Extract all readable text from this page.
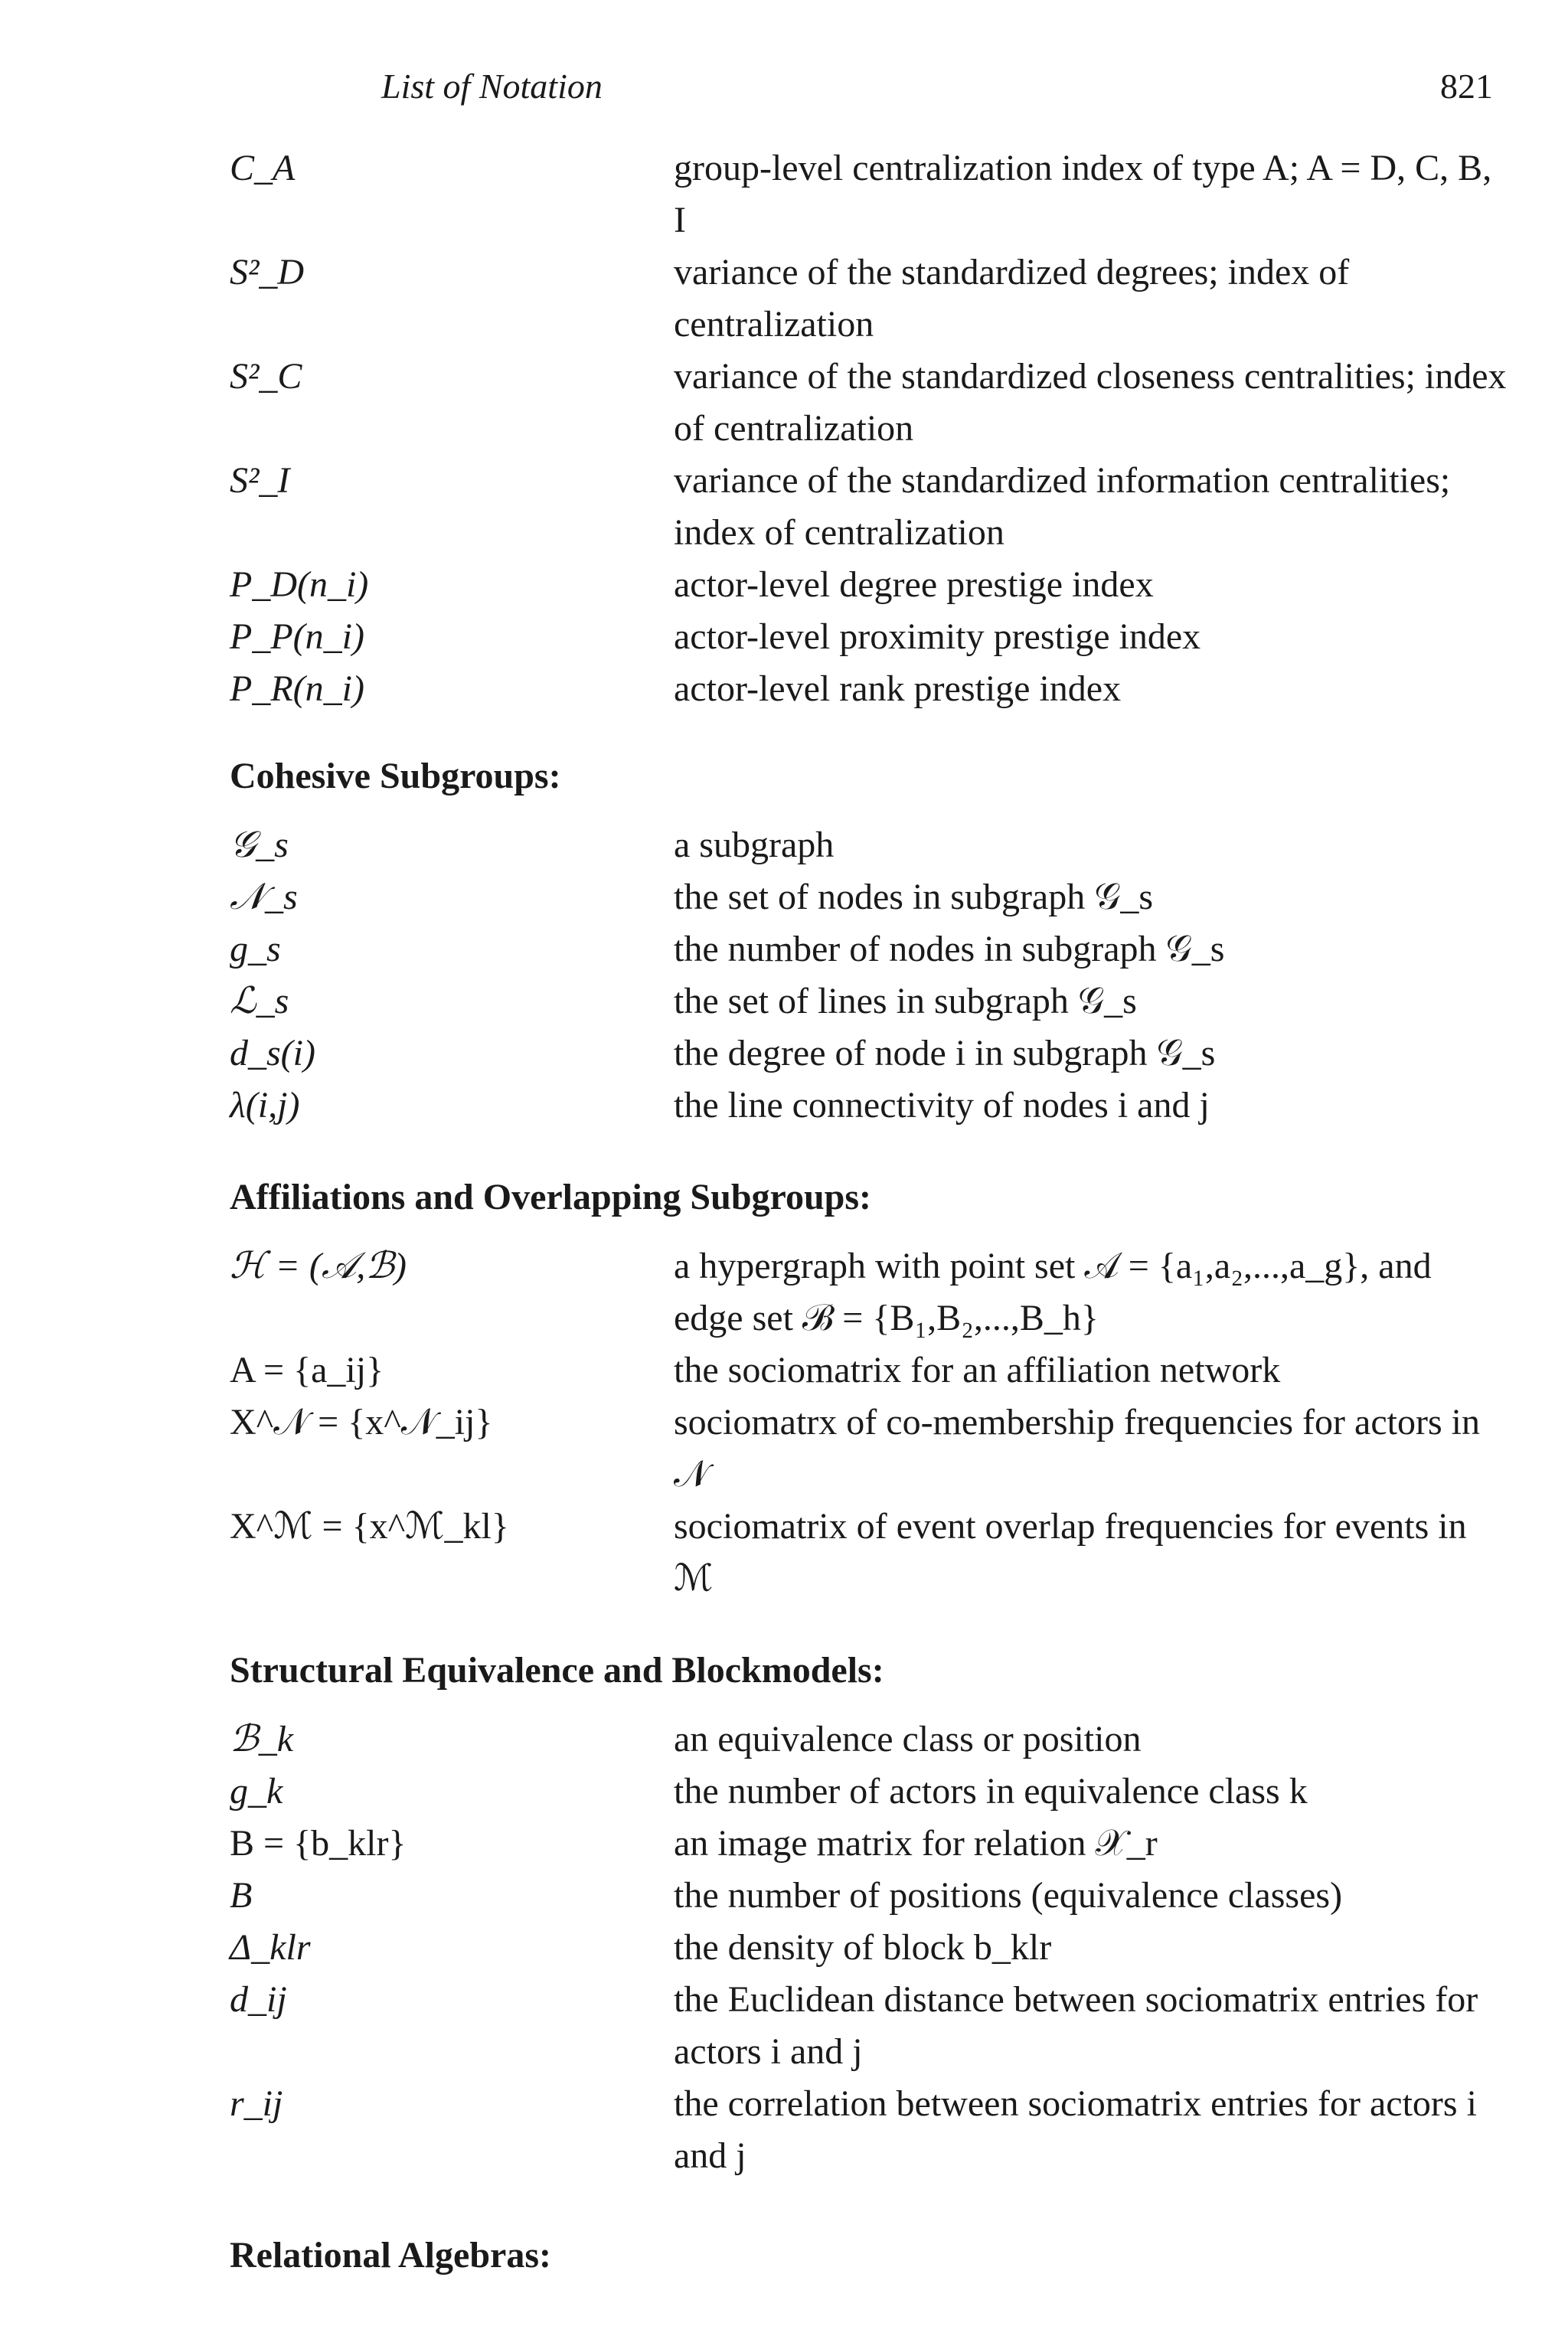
List of Notation	821
C_A	group-level centralization index of type A; A = D, C, B, I
S²_D	variance of the standardized degrees; index of centralization
S²_C	variance of the standardized closeness centralities; index of centralization
S²_I	variance of the standardized information centralities; index of centralization
P_D(n_i)	actor-level degree prestige index
P_P(n_i)	actor-level proximity prestige index
P_R(n_i)	actor-level rank prestige index
Cohesive Subgroups:
𝒢_s	a subgraph
𝒩_s	the set of nodes in subgraph 𝒢_s
g_s	the number of nodes in subgraph 𝒢_s
ℒ_s	the set of lines in subgraph 𝒢_s
d_s(i)	the degree of node i in subgraph 𝒢_s
λ(i,j)	the line connectivity of nodes i and j
Affiliations and Overlapping Subgroups:
ℋ = (𝒜,ℬ)	a hypergraph with point set 𝒜 = {a₁,a₂,...,a_g}, and edge set ℬ = {B₁,B₂,...,B_h}
A = {a_ij}	the sociomatrix for an affiliation network
X^𝒩 = {x^𝒩_ij}	sociomatrx of co-membership frequencies for actors in 𝒩
X^ℳ = {x^ℳ_kl}	sociomatrix of event overlap frequencies for events in ℳ
Structural Equivalence and Blockmodels:
ℬ_k	an equivalence class or position
g_k	the number of actors in equivalence class k
B = {b_klr}	an image matrix for relation 𝒳_r
B	the number of positions (equivalence classes)
Δ_klr	the density of block b_klr
d_ij	the Euclidean distance between sociomatrix entries for actors i and j
r_ij	the correlation between sociomatrix entries for actors i and j
Relational Algebras:
